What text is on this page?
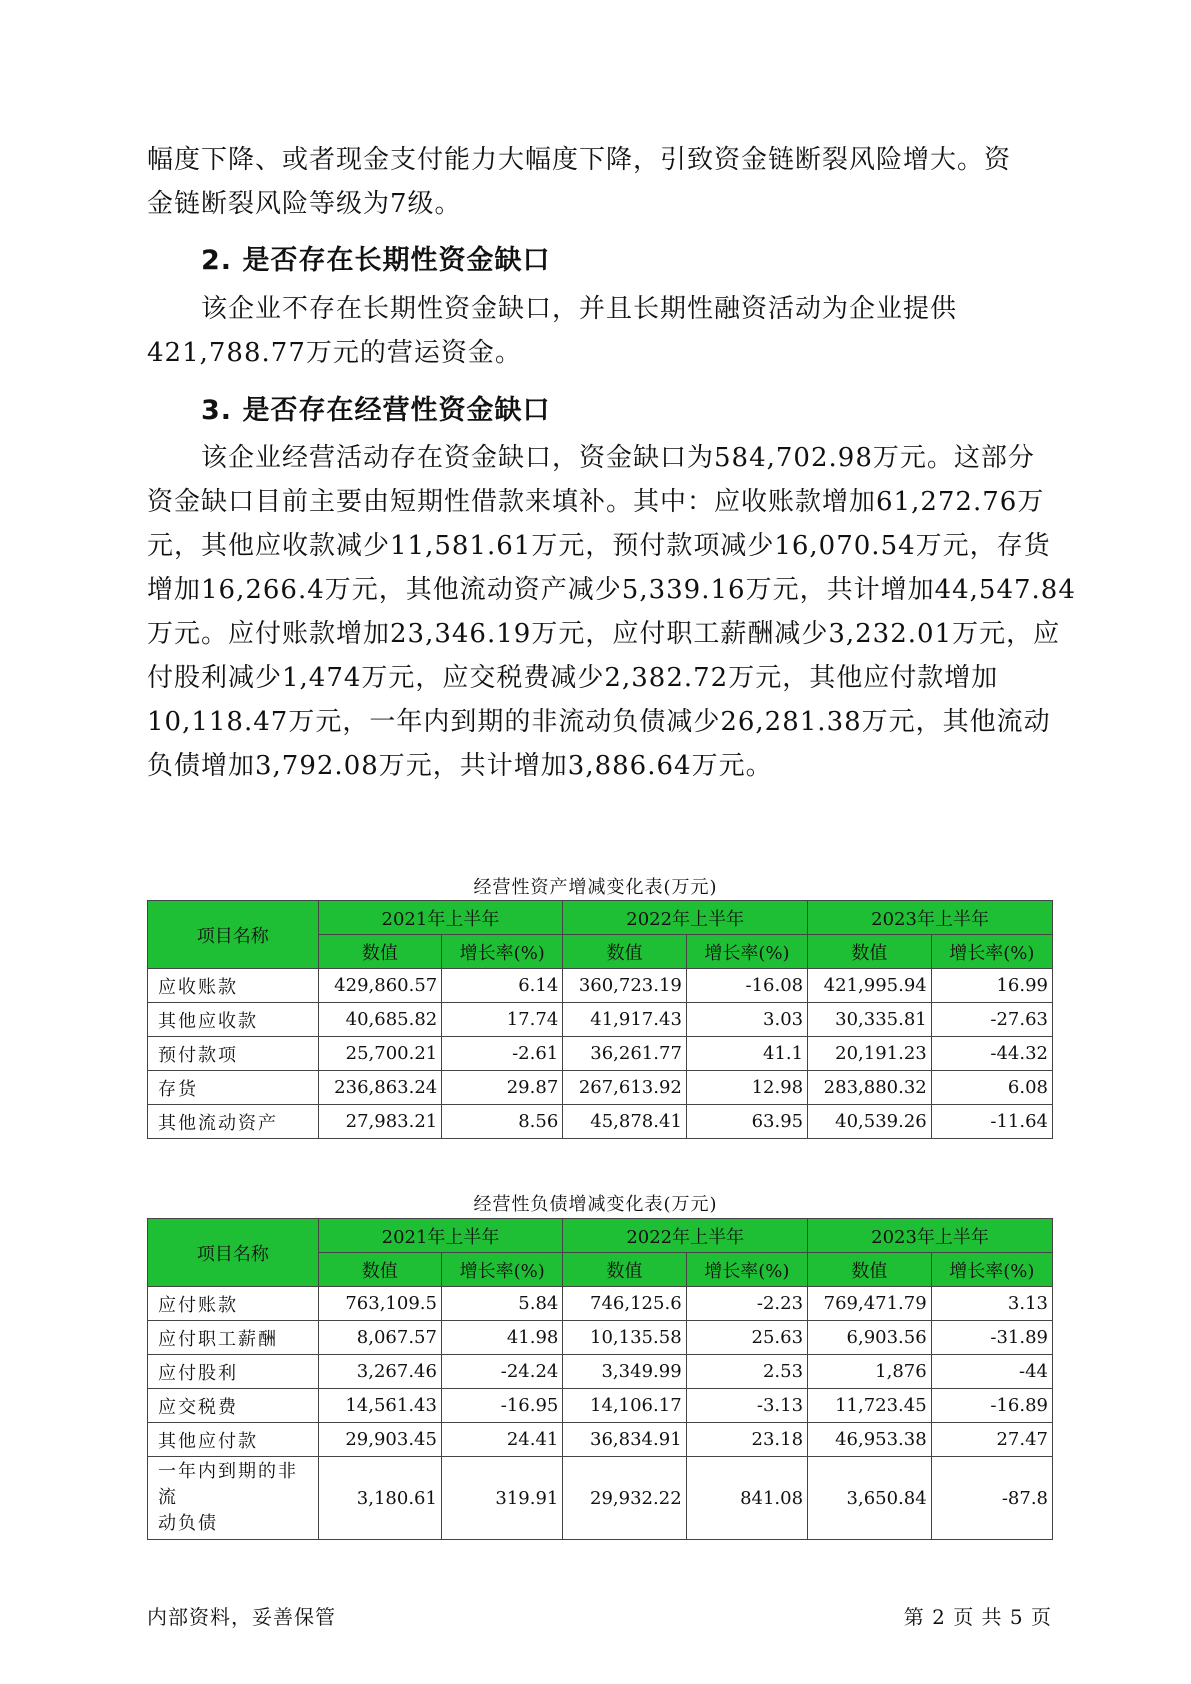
幅度下降、或者现金支付能力大幅度下降，引致资金链断裂风险增大。资
金链断裂风险等级为7级。
2. 是否存在长期性资金缺口
该企业不存在长期性资金缺口，并且长期性融资活动为企业提供
421,788.77万元的营运资金。
3. 是否存在经营性资金缺口
该企业经营活动存在资金缺口，资金缺口为584,702.98万元。这部分
资金缺口目前主要由短期性借款来填补。其中：应收账款增加61,272.76万
元，其他应收款减少11,581.61万元，预付款项减少16,070.54万元，存货
增加16,266.4万元，其他流动资产减少5,339.16万元，共计增加44,547.84
万元。应付账款增加23,346.19万元，应付职工薪酬减少3,232.01万元，应
付股利减少1,474万元，应交税费减少2,382.72万元，其他应付款增加
10,118.47万元，一年内到期的非流动负债减少26,281.38万元，其他流动
负债增加3,792.08万元，共计增加3,886.64万元。
经营性资产增减变化表(万元)
项目名称	2021年上半年		2022年上半年		2023年上半年	
	数值	增长率(%)	数值	增长率(%)	数值	增长率(%)
应收账款	429,860.57	6.14	360,723.19	-16.08	421,995.94	16.99
其他应收款	40,685.82	17.74	41,917.43	3.03	30,335.81	-27.63
预付款项	25,700.21	-2.61	36,261.77	41.1	20,191.23	-44.32
存货	236,863.24	29.87	267,613.92	12.98	283,880.32	6.08
其他流动资产	27,983.21	8.56	45,878.41	63.95	40,539.26	-11.64
经营性负债增减变化表(万元)
项目名称	2021年上半年		2022年上半年		2023年上半年	
	数值	增长率(%)	数值	增长率(%)	数值	增长率(%)
应付账款	763,109.5	5.84	746,125.6	-2.23	769,471.79	3.13
应付职工薪酬	8,067.57	41.98	10,135.58	25.63	6,903.56	-31.89
应付股利	3,267.46	-24.24	3,349.99	2.53	1,876	-44
应交税费	14,561.43	-16.95	14,106.17	-3.13	11,723.45	-16.89
其他应付款	29,903.45	24.41	36,834.91	23.18	46,953.38	27.47

一年内到期的非流
动负债	3,180.61	319.91	29,932.22	841.08	3,650.84	-87.8
内部资料，妥善保管	第 2 页 共 5 页
